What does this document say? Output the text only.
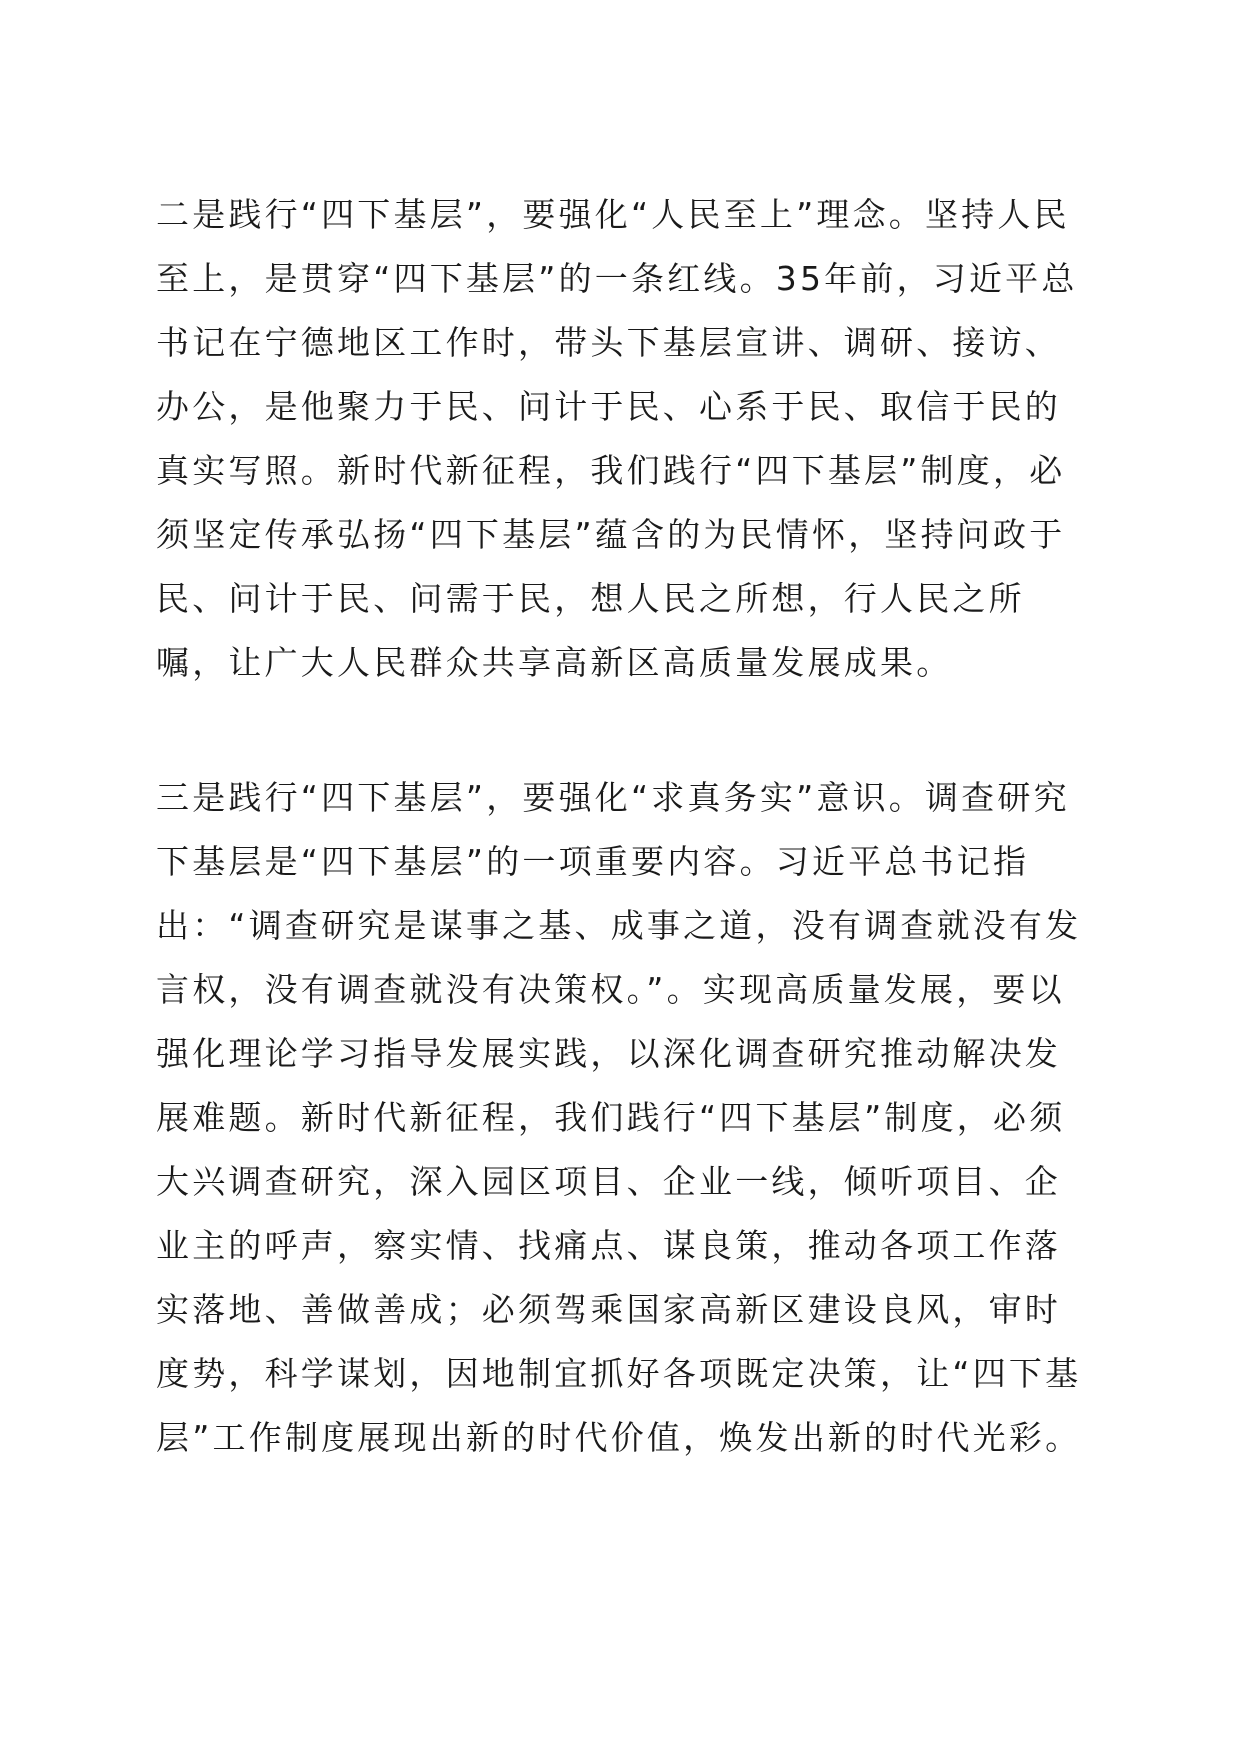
二是践行“四下基层”，要强化“人民至上”理念。坚持人民至上，是贯穿“四下基层”的一条红线。35年前，习近平总书记在宁德地区工作时，带头下基层宣讲、调研、接访、办公，是他聚力于民、问计于民、心系于民、取信于民的真实写照。新时代新征程，我们践行“四下基层”制度，必须坚定传承弘扬“四下基层”蕴含的为民情怀，坚持问政于民、问计于民、问需于民，想人民之所想，行人民之所嘱，让广大人民群众共享高新区高质量发展成果。

三是践行“四下基层”，要强化“求真务实”意识。调查研究下基层是“四下基层”的一项重要内容。习近平总书记指出：“调查研究是谋事之基、成事之道，没有调查就没有发言权，没有调查就没有决策权。”。实现高质量发展，要以强化理论学习指导发展实践，以深化调查研究推动解决发展难题。新时代新征程，我们践行“四下基层”制度，必须大兴调查研究，深入园区项目、企业一线，倾听项目、企业主的呼声，察实情、找痛点、谋良策，推动各项工作落实落地、善做善成；必须驾乘国家高新区建设良风，审时度势，科学谋划，因地制宜抓好各项既定决策，让“四下基层”工作制度展现出新的时代价值，焕发出新的时代光彩。
